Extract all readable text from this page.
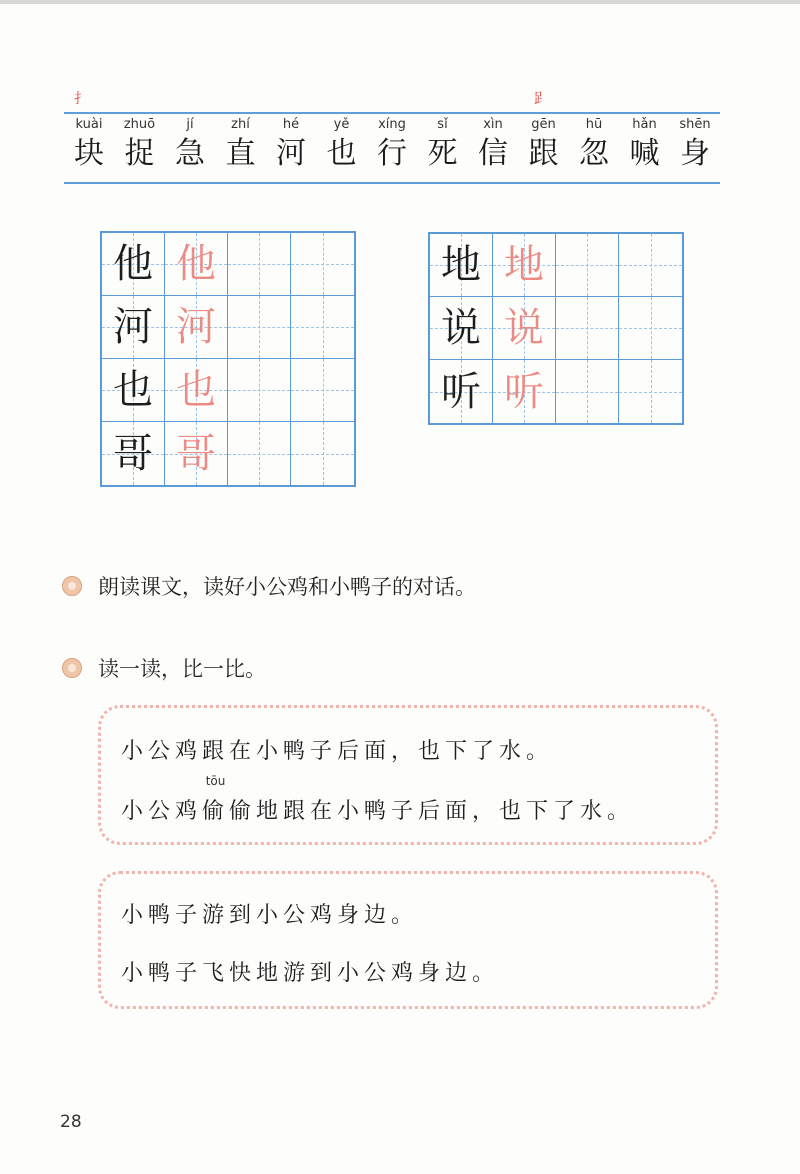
扌	𧾷
kuài
块
zhuō
捉
jí
急
zhí
直
hé
河
yě
也
xíng
行
sǐ
死
xìn
信
gēn
跟
hū
忽
hǎn
喊
shēn
身
他 他
河 河
也 也
哥 哥
地 地
说 说
听 听
朗读课文，读好小公鸡和小鸭子的对话。
读一读，比一比。
小公鸡跟在小鸭子后面，也下了水。
小公鸡
tōu
偷偷地跟在小鸭子后面，也下了水。
小鸭子游到小公鸡身边。
小鸭子飞快地游到小公鸡身边。
28
